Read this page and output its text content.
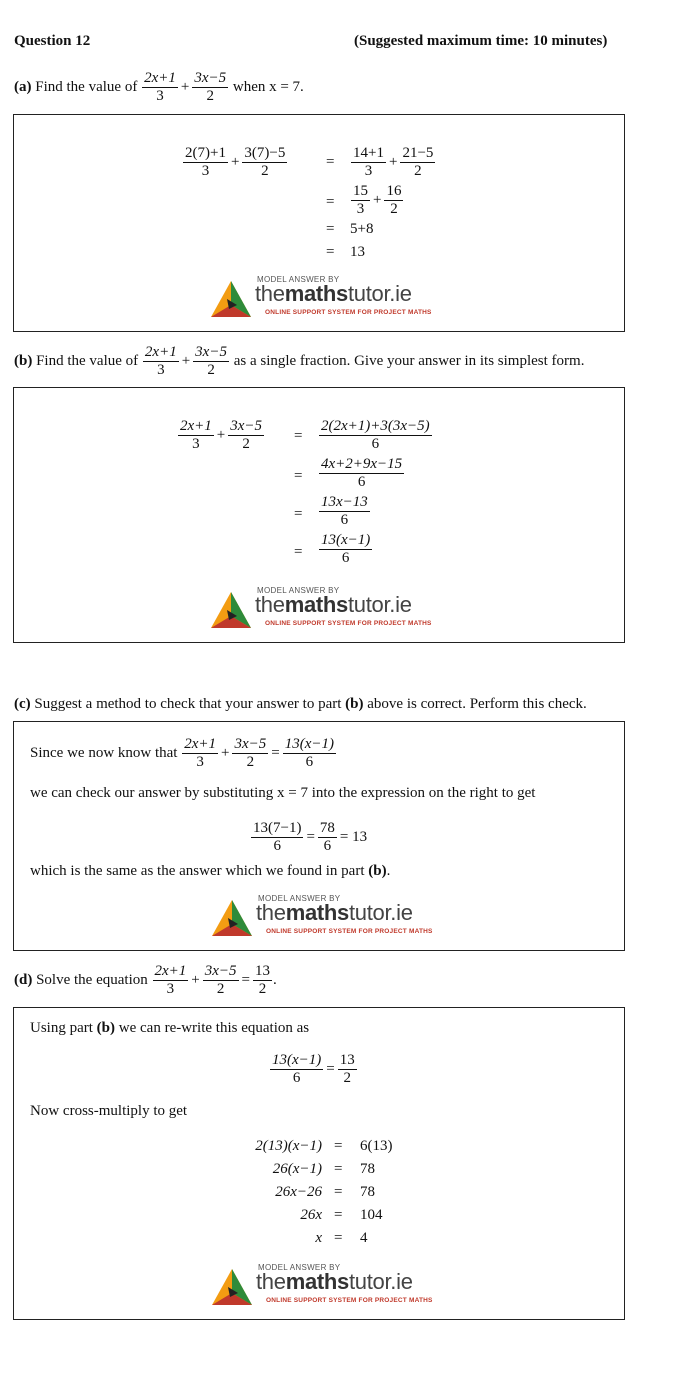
Question 12	(Suggested maximum time: 10 minutes)
(a) Find the value of $\frac{2x+1}{3} + \frac{3x-5}{2}$ when x = 7.
$\frac{2(7)+1}{3} + \frac{3(7)-5}{2}$	= $\frac{14+1}{3} + \frac{21-5}{2}$
= $\frac{15}{3} + \frac{16}{2}$
= 5+8
= 13
MODEL ANSWER BY
themathstutor.ie
ONLINE SUPPORT SYSTEM FOR PROJECT MATHS
(b) Find the value of $\frac{2x+1}{3} + \frac{3x-5}{2}$ as a single fraction. Give your answer in its simplest form.
$\frac{2x+1}{3} + \frac{3x-5}{2} = \frac{2(2x+1)+3(3x-5)}{6}$
= $\frac{4x+2+9x-15}{6}$
= $\frac{13x-13}{6}$
= $\frac{13(x-1)}{6}$
MODEL ANSWER BY
themathstutor.ie
ONLINE SUPPORT SYSTEM FOR PROJECT MATHS
(c) Suggest a method to check that your answer to part (b) above is correct. Perform this check.
Since we now know that $\frac{2x+1}{3} + \frac{3x-5}{2} = \frac{13(x-1)}{6}$
we can check our answer by substituting x = 7 into the expression on the right to get
$\frac{13(7-1)}{6} = \frac{78}{6} = 13$
which is the same as the answer which we found in part (b).
MODEL ANSWER BY
themathstutor.ie
ONLINE SUPPORT SYSTEM FOR PROJECT MATHS
(d) Solve the equation $\frac{2x+1}{3} + \frac{3x-5}{2} = \frac{13}{2}$ .
Using part (b) we can re-write this equation as
$\frac{13(x-1)}{6} = \frac{13}{2}$
Now cross-multiply to get
2(13)(x−1) = 6(13)
26(x−1) = 78
26x−26 = 78
26x = 104
x = 4
MODEL ANSWER BY
themathstutor.ie
ONLINE SUPPORT SYSTEM FOR PROJECT MATHS
